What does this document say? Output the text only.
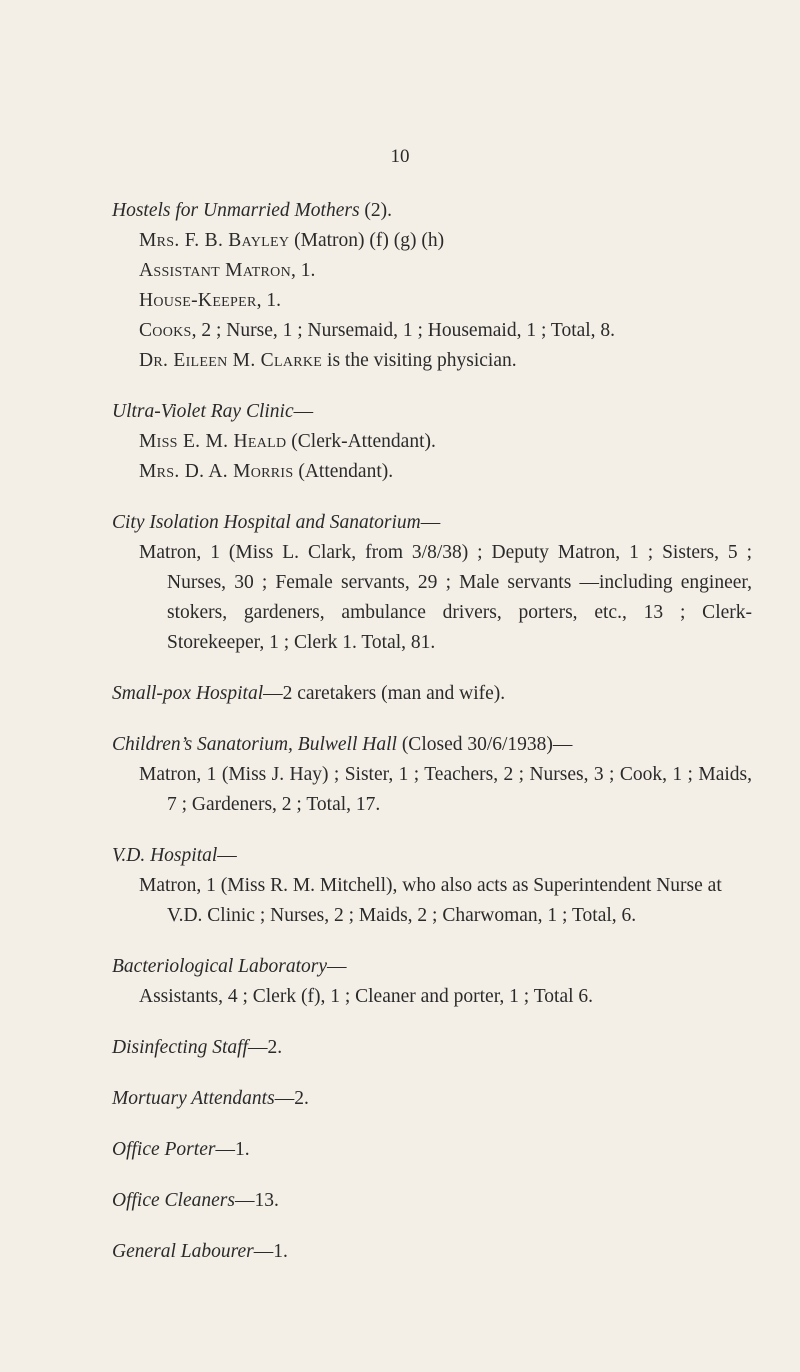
10
Hostels for Unmarried Mothers (2).
Mrs. F. B. Bayley (Matron) (f) (g) (h)
Assistant Matron, 1.
House-Keeper, 1.
Cooks, 2 ; Nurse, 1 ; Nursemaid, 1 ; Housemaid, 1 ; Total, 8.
Dr. Eileen M. Clarke is the visiting physician.
Ultra-Violet Ray Clinic—
Miss E. M. Heald (Clerk-Attendant).
Mrs. D. A. Morris (Attendant).
City Isolation Hospital and Sanatorium—
Matron, 1 (Miss L. Clark, from 3/8/38) ; Deputy Matron, 1 ; Sisters, 5 ; Nurses, 30 ; Female servants, 29 ; Male servants —including engineer, stokers, gardeners, ambulance drivers, porters, etc., 13 ; Clerk-Storekeeper, 1 ; Clerk 1. Total, 81.
Small-pox Hospital—2 caretakers (man and wife).
Children’s Sanatorium, Bulwell Hall (Closed 30/6/1938)—
Matron, 1 (Miss J. Hay) ; Sister, 1 ; Teachers, 2 ; Nurses, 3 ; Cook, 1 ; Maids, 7 ; Gardeners, 2 ; Total, 17.
V.D. Hospital—
Matron, 1 (Miss R. M. Mitchell), who also acts as Superintendent Nurse at V.D. Clinic ; Nurses, 2 ; Maids, 2 ; Charwoman, 1 ; Total, 6.
Bacteriological Laboratory—
Assistants, 4 ; Clerk (f), 1 ; Cleaner and porter, 1 ; Total 6.
Disinfecting Staff—2.
Mortuary Attendants—2.
Office Porter—1.
Office Cleaners—13.
General Labourer—1.
